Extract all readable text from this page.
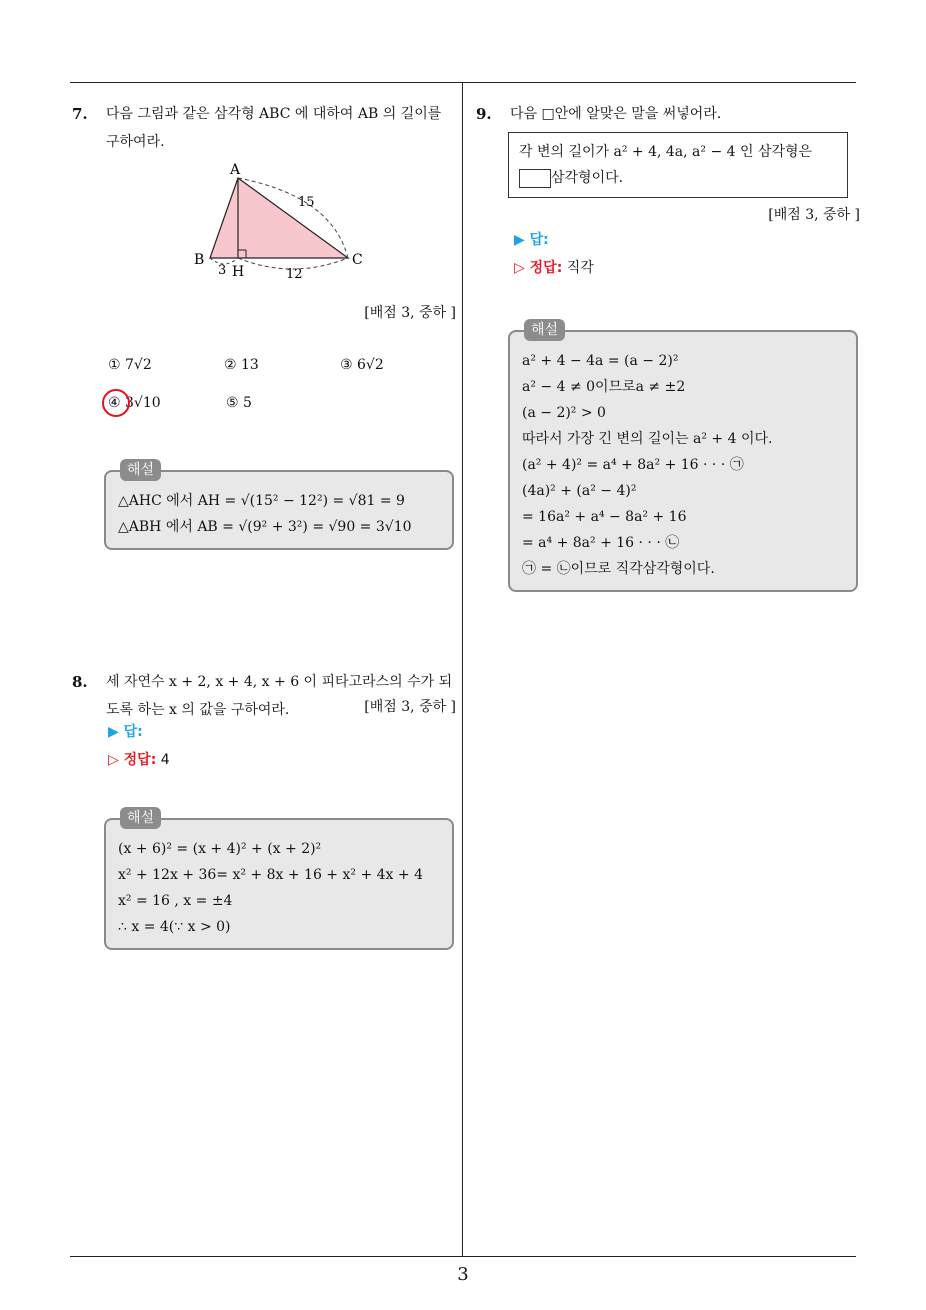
7.	다음 그림과 같은 삼각형 ABC 에 대하여 AB 의 길이를 구하여라.
A
B	C
H
15
3	12
[배점 3, 중하 ]
① 7√2	② 13	③ 6√2
④ 3√10	⑤ 5
해설
△AHC 에서 AH = √(15² − 12²) = √81 = 9
△ABH 에서 AB = √(9² + 3²) = √90 = 3√10
8.	세 자연수 x + 2, x + 4, x + 6 이 피타고라스의 수가 되도록 하는 x 의 값을 구하여라.	[배점 3, 중하 ]
▶ 답:
▷ 정답: 4
해설
(x + 6)² = (x + 4)² + (x + 2)²
x² + 12x + 36= x² + 8x + 16 + x² + 4x + 4
x² = 16 , x = ±4
∴ x = 4(∵ x > 0)
9.	다음 □안에 알맞은 말을 써넣어라.
각 변의 길이가 a² + 4, 4a, a² − 4 인 삼각형은
삼각형이다.
[배점 3, 중하 ]
▶ 답:
▷ 정답: 직각
해설
a² + 4 − 4a = (a − 2)²
a² − 4 ≠ 0이므로a ≠ ±2
(a − 2)² > 0
따라서 가장 긴 변의 길이는 a² + 4 이다.
(a² + 4)² = a⁴ + 8a² + 16 · · · ㉠
(4a)² + (a² − 4)²
= 16a² + a⁴ − 8a² + 16
= a⁴ + 8a² + 16 · · · ㉡
㉠ = ㉡이므로 직각삼각형이다.
3
